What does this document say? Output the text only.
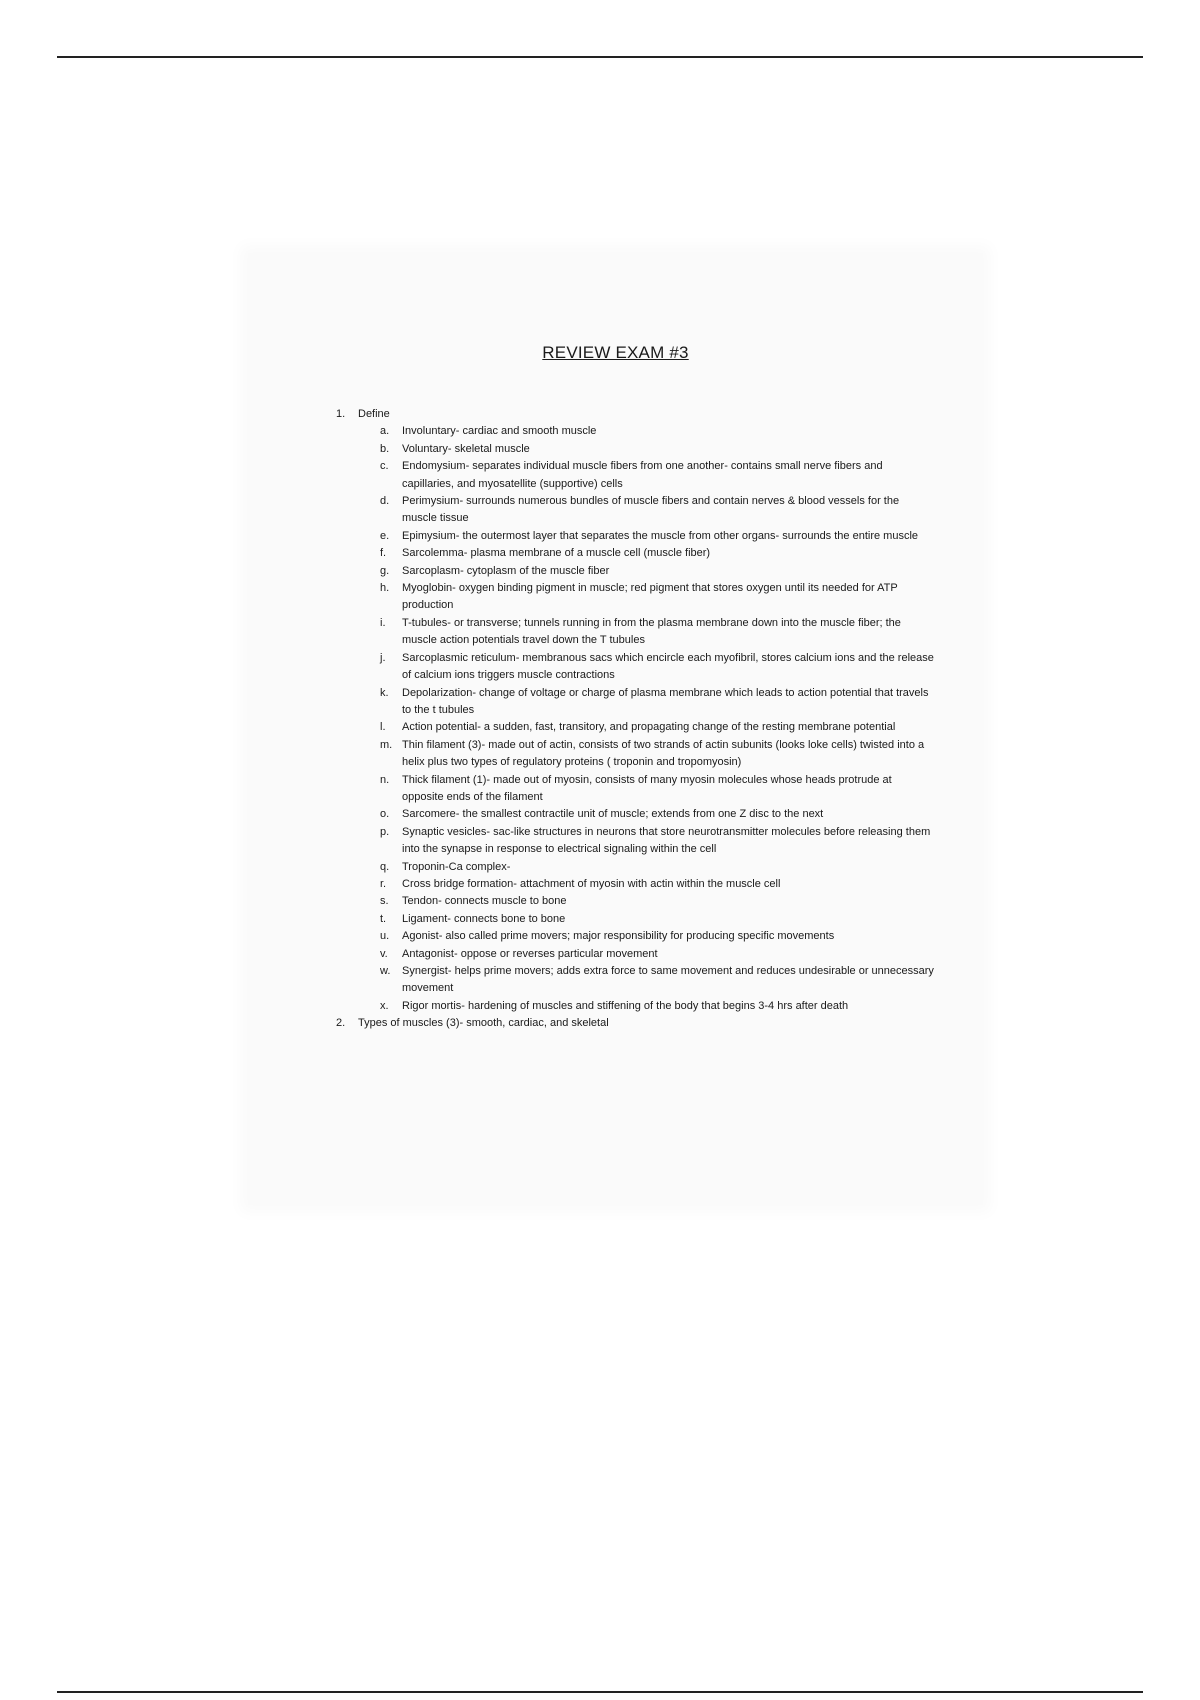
REVIEW EXAM #3
1.	Define
a.	Involuntary- cardiac and smooth muscle
b.	Voluntary- skeletal muscle
c.	Endomysium- separates individual muscle fibers from one another- contains small nerve fibers and capillaries, and myosatellite (supportive) cells
d.	Perimysium- surrounds numerous bundles of muscle fibers and contain nerves & blood vessels for the muscle tissue
e.	Epimysium- the outermost layer that separates the muscle from other organs- surrounds the entire muscle
f.	Sarcolemma- plasma membrane of a muscle cell (muscle fiber)
g.	Sarcoplasm- cytoplasm of the muscle fiber
h.	Myoglobin- oxygen binding pigment in muscle; red pigment that stores oxygen until its needed for ATP production
i.	T-tubules- or transverse; tunnels running in from the plasma membrane down into the muscle fiber; the muscle action potentials travel down the T tubules
j.	Sarcoplasmic reticulum- membranous sacs which encircle each myofibril, stores calcium ions and the release of calcium ions triggers muscle contractions
k.	Depolarization- change of voltage or charge of plasma membrane which leads to action potential that travels to the t tubules
l.	Action potential- a sudden, fast, transitory, and propagating change of the resting membrane potential
m. Thin filament (3)- made out of actin, consists of two strands of actin subunits (looks loke cells) twisted into a helix plus two types of regulatory proteins ( troponin and tropomyosin)
n.	Thick filament (1)- made out of myosin, consists of many myosin molecules whose heads protrude at opposite ends of the filament
o.	Sarcomere- the smallest contractile unit of muscle; extends from one Z disc to the next
p.	Synaptic vesicles- sac-like structures in neurons that store neurotransmitter molecules before releasing them into the synapse in response to electrical signaling within the cell
q.	Troponin-Ca complex-
r.	Cross bridge formation- attachment of myosin with actin within the muscle cell
s.	Tendon- connects muscle to bone
t.	Ligament- connects bone to bone
u.	Agonist- also called prime movers; major responsibility for producing specific movements
v.	Antagonist- oppose or reverses particular movement
w.	Synergist- helps prime movers; adds extra force to same movement and reduces undesirable or unnecessary movement
x.	Rigor mortis- hardening of muscles and stiffening of the body that begins 3-4 hrs after death
2.	Types of muscles (3)- smooth, cardiac, and skeletal
